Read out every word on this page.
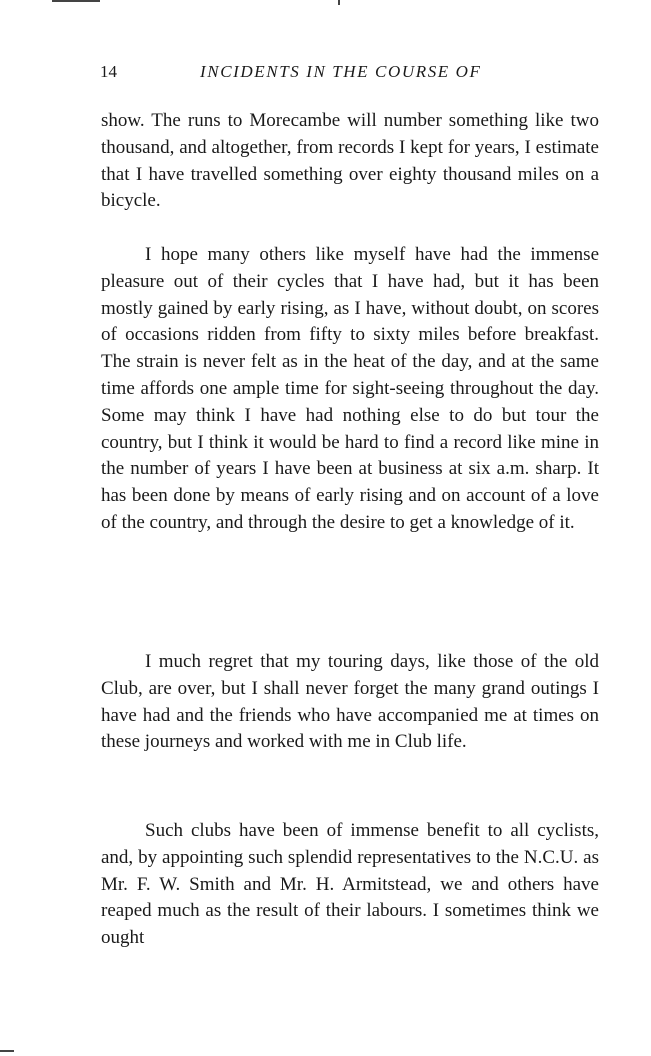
14	INCIDENTS IN THE COURSE OF

show. The runs to Morecambe will number something like two thousand, and altogether, from records I kept for years, I estimate that I have travelled something over eighty thousand miles on a bicycle.

I hope many others like myself have had the immense pleasure out of their cycles that I have had, but it has been mostly gained by early rising, as I have, without doubt, on scores of occasions ridden from fifty to sixty miles before breakfast. The strain is never felt as in the heat of the day, and at the same time affords one ample time for sight-seeing throughout the day. Some may think I have had nothing else to do but tour the country, but I think it would be hard to find a record like mine in the number of years I have been at business at six a.m. sharp. It has been done by means of early rising and on account of a love of the country, and through the desire to get a knowledge of it.

I much regret that my touring days, like those of the old Club, are over, but I shall never forget the many grand outings I have had and the friends who have accompanied me at times on these journeys and worked with me in Club life.

Such clubs have been of immense benefit to all cyclists, and, by appointing such splendid representatives to the N.C.U. as Mr. F. W. Smith and Mr. H. Armitstead, we and others have reaped much as the result of their labours. I sometimes think we ought
